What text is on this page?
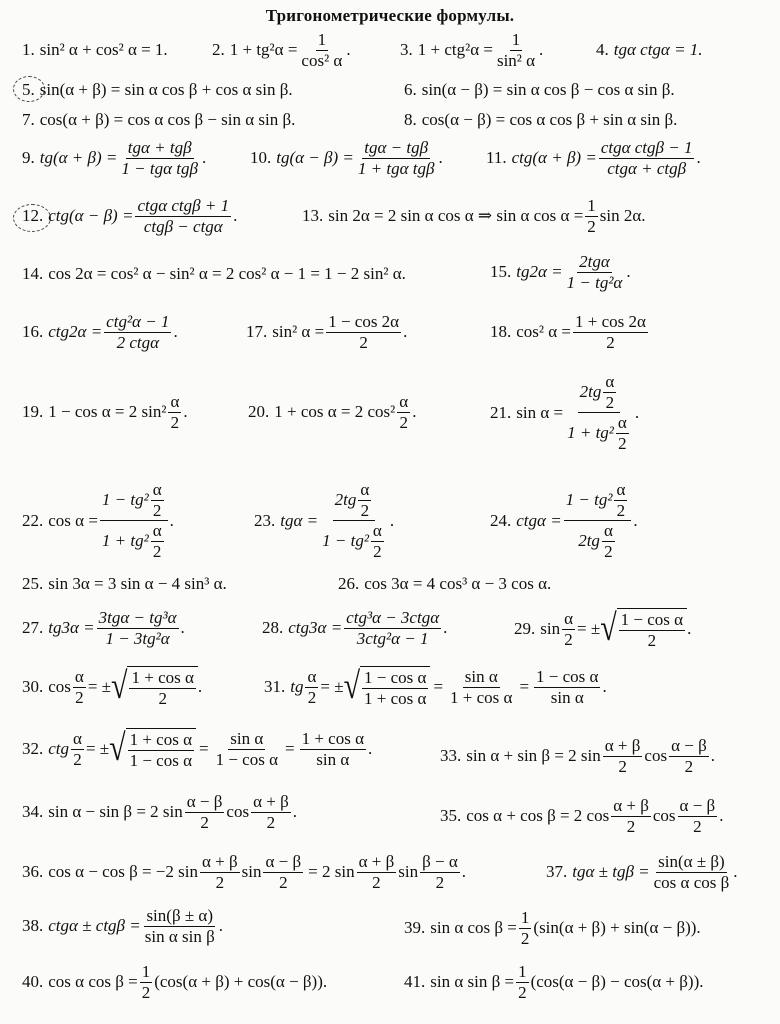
Тригонометрические формулы.
1. sin² α + cos² α = 1.	2. $1 + tg^2\alpha = \frac{1}{\text{cos² α}}$ .	3. $1 + ctg^2\alpha = \frac{1}{\text{sin² α}}$ .	4. tgα ctgα = 1.
5. sin(α + β) = sin α cos β + cos α sin β.	6. sin(α − β) = sin α cos β − cos α sin β.
7. cos(α + β) = cos α cos β − sin α sin β.	8. cos(α − β) = cos α cos β + sin α sin β.
9. tg(α + β) =
tgα + tgβ
1 − tgα tgβ
.	10. tg(α − β) =
tgα − tgβ
1 + tgα tgβ
.	11. ctg(α + β) =
ctgα ctgβ − 1
ctgα + ctgβ
.
12. ctg(α − β) =
ctgα ctgβ + 1
ctgβ − ctgα
.	13. sin 2α = 2 sin α cos α ⇒ sin α $\cos \alpha = \frac{1}{2}$ sin 2α.
14. cos 2α = cos² α − sin² α = 2 cos² α − 1 = 1 − 2 sin² α.	15. tg2α =
2tgα
1 − tg²α
.
16. ctg2α =
ctg²α − 1
2 ctgα
.	17. sin² $\alpha = \frac{1 - \cos 2\alpha}{2}$ .	18. cos² $\alpha = \frac{1 + \cos 2\alpha}{2}$
19. 1 − cos α = 2 $\sin^2 \frac{\alpha}{2}$ .	20. 1 + cos α = 2 $\cos^2 \frac{\alpha}{2}$ .	21. sin α =
$2tg \frac{\alpha}{2}$
$1 + tg^2 \frac{\alpha}{2}$
.
22. $\cos \alpha = \frac{1 - tg^2 \frac{\alpha}{2}}{1 + tg^2 \frac{\alpha}{2}}$ .	23. tgα =
$2tg \frac{\alpha}{2}$
$1 - tg^2 \frac{\alpha}{2}$
.	24. ctgα =
$1 - tg^2 \frac{\alpha}{2}$
$2tg \frac{\alpha}{2}$
.
25. sin 3α = 3 sin α − 4 sin³ α.	26. cos 3α = 4 cos³ α − 3 cos α.
27. tg3α =
3tgα − tg³α
1 − 3tg²α
.	28. ctg3α =
ctg³α − 3ctgα
3ctg²α − 1
.	29. $\sin \frac{\alpha}{2}$ = ± √ $\frac{\text{1 − cos α}}{2}$ .
30. $\cos \frac{\alpha}{2}$ = ± √ $\frac{\text{1 + cos α}}{2}$ .	31. tg $\frac{\alpha}{2}$ = ± √ $\frac{\text{1 − cos α}}{\text{1 + cos α}} = \frac{\text{sin α}}{\text{1 + cos α}} = \frac{\text{1 − cos α}}{\text{sin α}}$ .
32. ctg $\frac{\alpha}{2}$ = ± √ $\frac{\text{1 + cos α}}{\text{1 − cos α}} = \frac{\text{sin α}}{\text{1 − cos α}} = \frac{\text{1 + cos α}}{\text{sin α}}$ .	33. sin α + sin β = 2 $\sin \frac{\alpha + \beta}{2}$ $\cos \frac{\alpha - \beta}{2}$ .
34. sin α − sin β = 2 $\sin \frac{\alpha - \beta}{2}$ $\cos \frac{\alpha + \beta}{2}$ .	35. cos α + cos β = 2 $\cos \frac{\alpha + \beta}{2}$ $\cos \frac{\alpha - \beta}{2}$ .
36. cos α − cos β = −2 $\sin \frac{\alpha + \beta}{2}$ $\sin \frac{\alpha - \beta}{2} = 2$ $\sin \frac{\alpha + \beta}{2}$ $\sin \frac{\beta - \alpha}{2}$ .	37. $tg\alpha \pm tg\beta = \frac{\sin(\alpha \pm \beta)}{\text{cos α cos β}}$ .
38. $ctg\alpha \pm ctg\beta = \frac{\sin(\beta \pm \alpha)}{\text{sin α sin β}}$ .	39. sin α $\cos \beta = \frac{1}{2} (\sin(\alpha + \beta) + \sin(\alpha - \beta))$.
40. cos α $\cos \beta = \frac{1}{2} (\cos(\alpha + \beta) + \cos(\alpha - \beta))$.	41. sin α $\sin \beta = \frac{1}{2} (\cos(\alpha - \beta) - \cos(\alpha + \beta))$.
